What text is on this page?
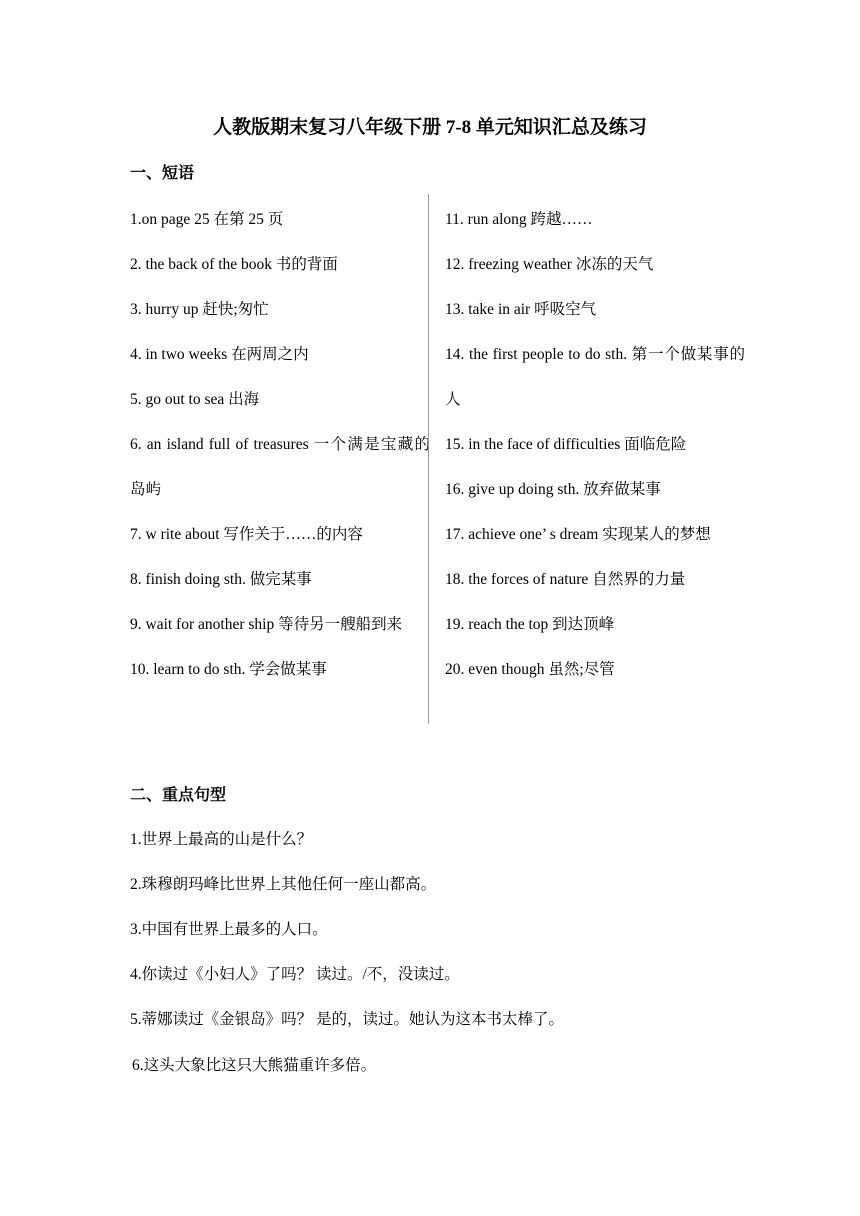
人教版期末复习八年级下册 7-8 单元知识汇总及练习
一、短语

1.on page 25 在第 25 页

2. the back of the book 书的背面

3. hurry up 赶快;匆忙

4. in two weeks 在两周之内

5. go out to sea 出海

6. an island full of treasures 一个满是宝藏的岛屿

7. w rite about 写作关于……的内容

8. finish doing sth. 做完某事

9. wait for another ship 等待另一艘船到来

10. learn to do sth. 学会做某事

11. run along 跨越……

12. freezing weather 冰冻的天气

13. take in air 呼吸空气

14. the first people to do sth. 第一个做某事的人

15. in the face of difficulties 面临危险

16. give up doing sth. 放弃做某事

17. achieve one’ s dream 实现某人的梦想

18. the forces of nature 自然界的力量

19. reach the top 到达顶峰

20. even though 虽然;尽管

二、重点句型
1.世界上最高的山是什么？
2.珠穆朗玛峰比世界上其他任何一座山都高。
3.中国有世界上最多的人口。
4.你读过《小妇人》了吗？ 读过。/不，没读过。
5.蒂娜读过《金银岛》吗？ 是的，读过。她认为这本书太棒了。
6.这头大象比这只大熊猫重许多倍。
